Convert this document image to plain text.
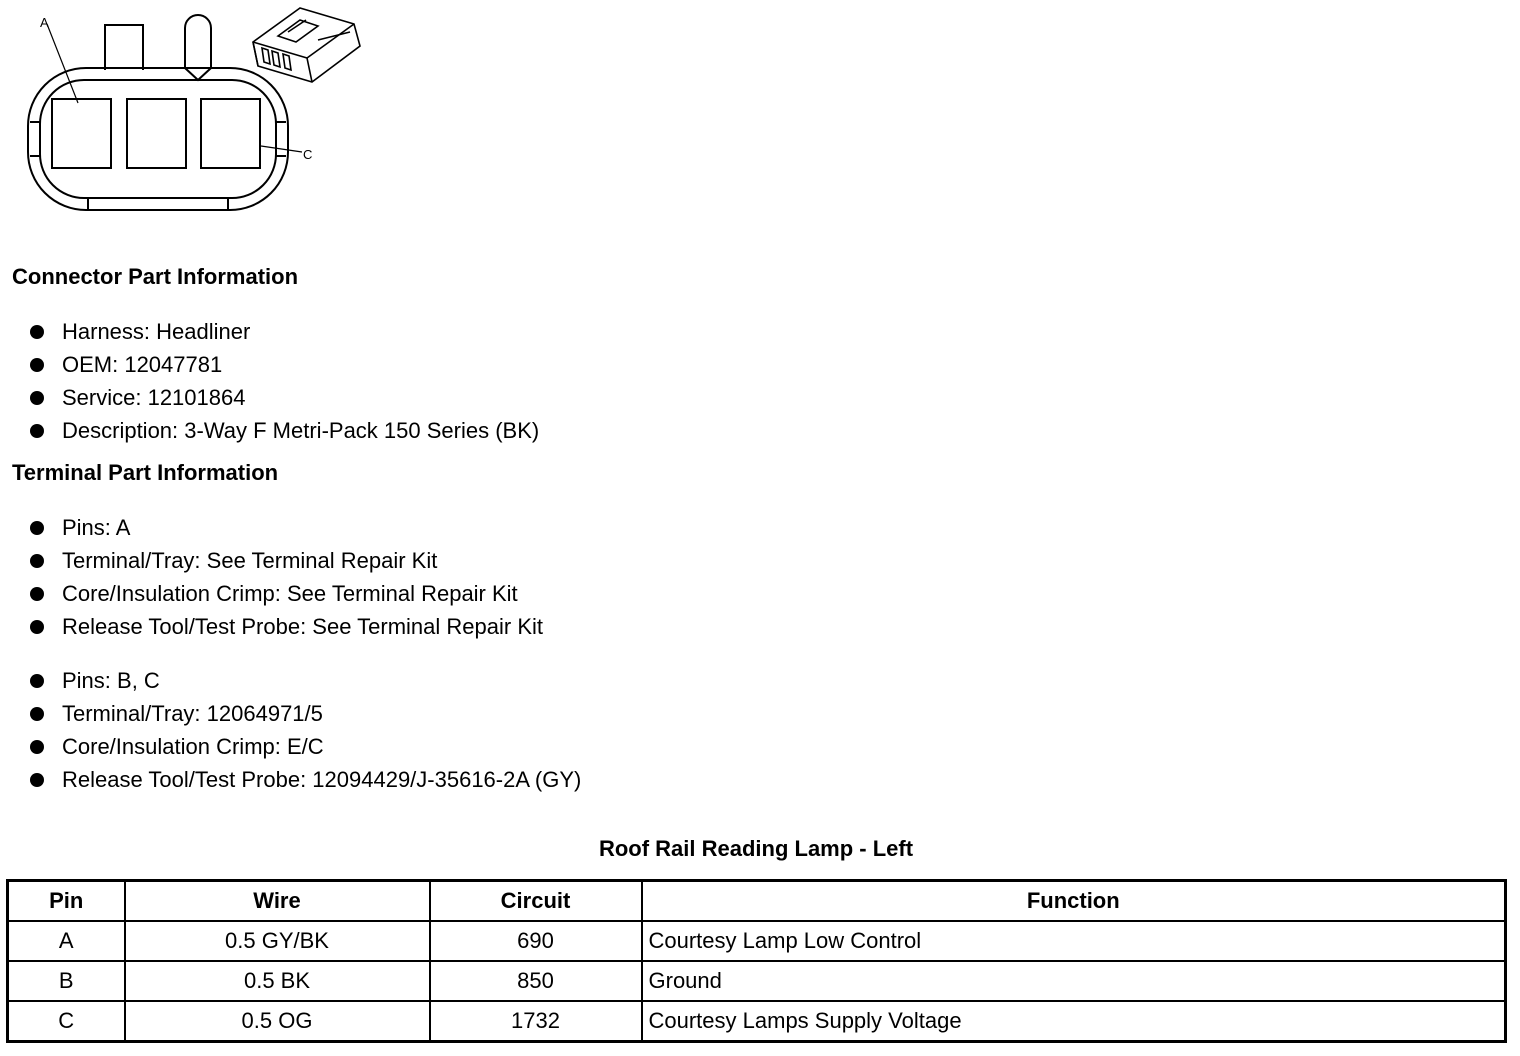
A
C
Connector Part Information
Harness: Headliner
OEM: 12047781
Service: 12101864
Description: 3-Way F Metri-Pack 150 Series (BK)
Terminal Part Information
Pins: A
Terminal/Tray: See Terminal Repair Kit
Core/Insulation Crimp: See Terminal Repair Kit
Release Tool/Test Probe: See Terminal Repair Kit
Pins: B, C
Terminal/Tray: 12064971/5
Core/Insulation Crimp: E/C
Release Tool/Test Probe: 12094429/J-35616-2A (GY)
Roof Rail Reading Lamp - Left
Pin	Wire	Circuit	Function
A	0.5 GY/BK	690	Courtesy Lamp Low Control
B	0.5 BK	850	Ground
C	0.5 OG	1732	Courtesy Lamps Supply Voltage
